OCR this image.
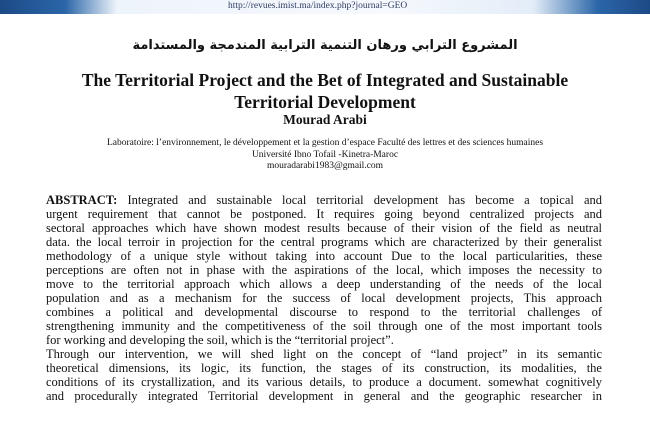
http://revues.imist.ma/index.php?journal=GEO
المشروع الترابي ورهان التنمية الترابية المندمجة والمستدامة
The Territorial Project and the Bet of Integrated and Sustainable
Territorial Development
Mourad Arabi
Laboratoire: l’environnement, le développement et la gestion d’espace Faculté des lettres et des sciences humaines
Université Ibno Tofail -Kinetra-Maroc
mouradarabi1983@gmail.com
ABSTRACT: Integrated and sustainable local territorial development has become a topical and
urgent requirement that cannot be postponed. It requires going beyond centralized projects and
sectoral approaches which have shown modest results because of their vision of the field as neutral
data. the local terroir in projection for the central programs which are characterized by their generalist
methodology of a unique style without taking into account Due to the local particularities, these
perceptions are often not in phase with the aspirations of the local, which imposes the necessity to
move to the territorial approach which allows a deep understanding of the needs of the local
population and as a mechanism for the success of local development projects, This approach
combines a political and developmental discourse to respond to the territorial challenges of
strengthening immunity and the competitiveness of the soil through one of the most important tools
for working and developing the soil, which is the “territorial project”.
Through our intervention, we will shed light on the concept of “land project” in its semantic
theoretical dimensions, its logic, its function, the stages of its construction, its modalities, the
conditions of its crystallization, and its various details, to produce a document. somewhat cognitively
and procedurally integrated Territorial development in general and the geographic researcher in
